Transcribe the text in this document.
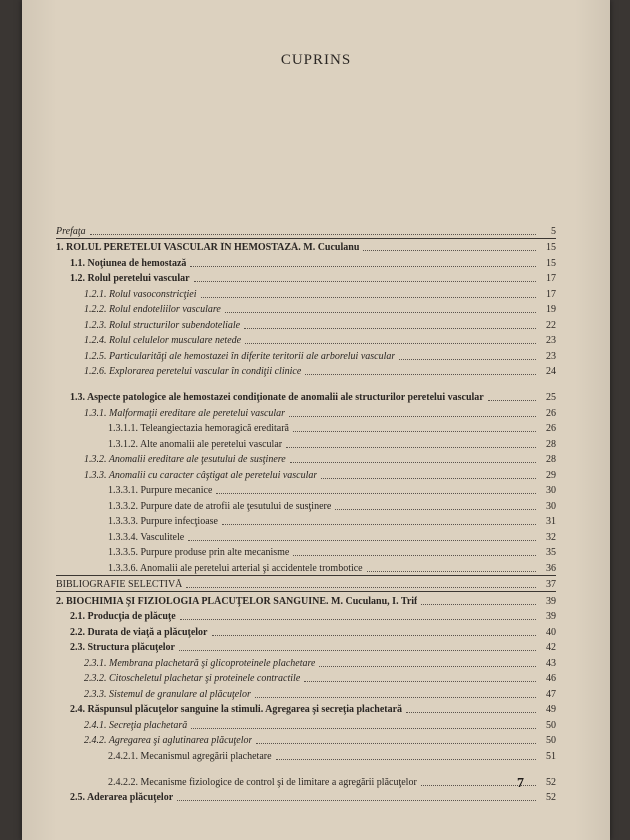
CUPRINS
Prefaţa	5
1. ROLUL PERETELUI VASCULAR ÎN HEMOSTAZĂ. M. Cuculanu	15
1.1. Noţiunea de hemostază	15
1.2. Rolul peretelui vascular	17
1.2.1. Rolul vasoconstricţiei	17
1.2.2. Rolul endoteliilor vasculare	19
1.2.3. Rolul structurilor subendoteliale	22
1.2.4. Rolul celulelor musculare netede	23
1.2.5. Particularităţi ale hemostazei în diferite teritorii ale arborelui vascular	23
1.2.6. Explorarea peretelui vascular în condiţii clinice	24
1.3. Aspecte patologice ale hemostazei condiţionate de anomalii ale structurilor peretelui vascular	25
1.3.1. Malformaţii ereditare ale peretelui vascular	26
1.3.1.1. Teleangiectazia hemoragică ereditară	26
1.3.1.2. Alte anomalii ale peretelui vascular	28
1.3.2. Anomalii ereditare ale ţesutului de susţinere	28
1.3.3. Anomalii cu caracter câştigat ale peretelui vascular	29
1.3.3.1. Purpure mecanice	30
1.3.3.2. Purpure date de atrofii ale ţesutului de susţinere	30
1.3.3.3. Purpure infecţioase	31
1.3.3.4. Vasculitele	32
1.3.3.5. Purpure produse prin alte mecanisme	35
1.3.3.6. Anomalii ale peretelui arterial şi accidentele trombotice	36
BIBLIOGRAFIE SELECTIVĂ	37
2. BIOCHIMIA ŞI FIZIOLOGIA PLĂCUŢELOR SANGUINE. M. Cuculanu, I. Trif	39
2.1. Producţia de plăcuţe	39
2.2. Durata de viaţă a plăcuţelor	40
2.3. Structura plăcuţelor	42
2.3.1. Membrana plachetară şi glicoproteinele plachetare	43
2.3.2. Citoscheletul plachetar şi proteinele contractile	46
2.3.3. Sistemul de granulare al plăcuţelor	47
2.4. Răspunsul plăcuţelor sanguine la stimuli. Agregarea şi secreţia plachetară	49
2.4.1. Secreţia plachetară	50
2.4.2. Agregarea şi aglutinarea plăcuţelor	50
2.4.2.1. Mecanismul agregării plachetare	51
2.4.2.2. Mecanisme fiziologice de control şi de limitare a agregării plăcuţelor	52
2.5. Aderarea plăcuţelor	52
7
